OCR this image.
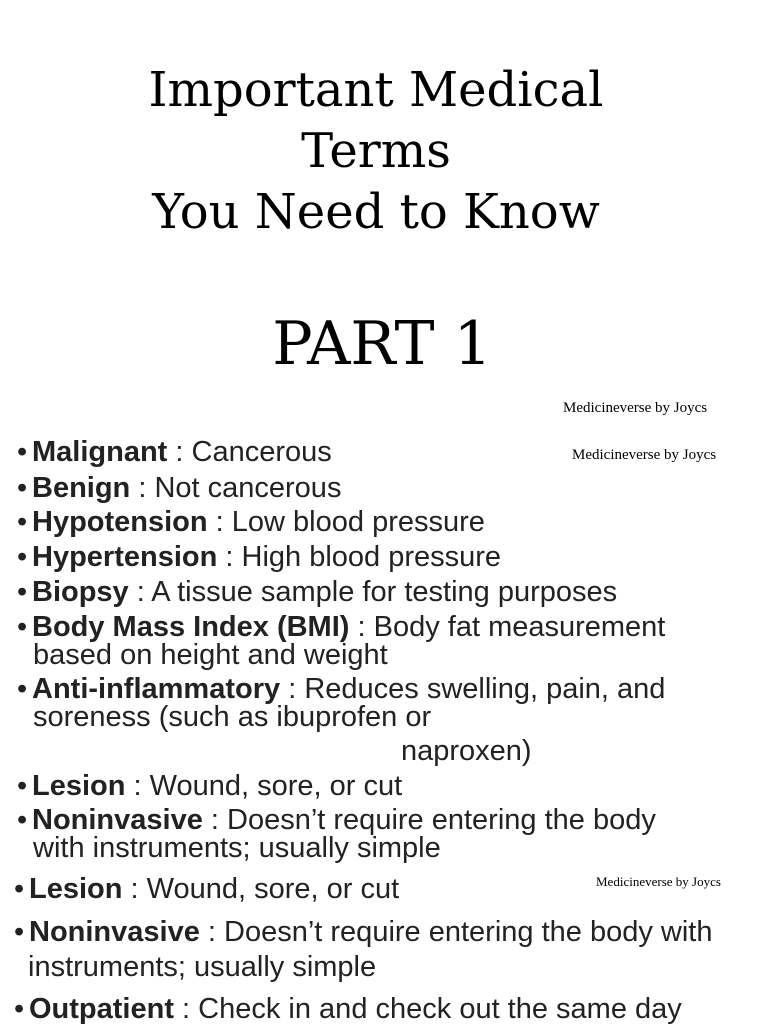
Important Medical
Terms
You Need to Know
PART 1
Medicineverse by Joycs
Medicineverse by Joycs
Medicineverse by Joycs
• Malignant : Cancerous
• Benign : Not cancerous
• Hypotension : Low blood pressure
• Hypertension : High blood pressure
• Biopsy : A tissue sample for testing purposes
• Body Mass Index (BMI) : Body fat measurement
based on height and weight
• Anti-inflammatory : Reduces swelling, pain, and
soreness (such as ibuprofen or
naproxen)
• Lesion : Wound, sore, or cut
• Noninvasive : Doesn’t require entering the body
with instruments; usually simple
• Lesion : Wound, sore, or cut
• Noninvasive : Doesn’t require entering the body with
instruments; usually simple
• Outpatient : Check in and check out the same day
